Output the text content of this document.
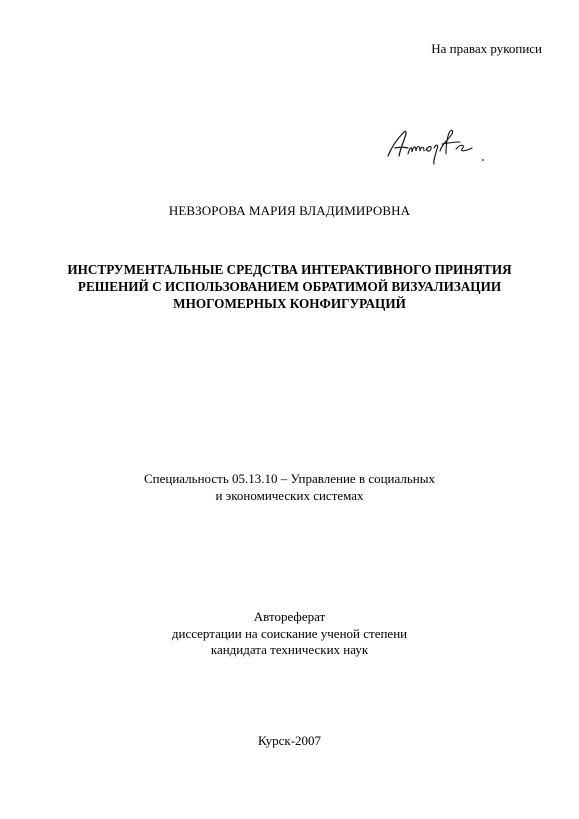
На правах рукописи
НЕВЗОРОВА МАРИЯ ВЛАДИМИРОВНА
ИНСТРУМЕНТАЛЬНЫЕ СРЕДСТВА ИНТЕРАКТИВНОГО ПРИНЯТИЯ
РЕШЕНИЙ С ИСПОЛЬЗОВАНИЕМ ОБРАТИМОЙ ВИЗУАЛИЗАЦИИ
МНОГОМЕРНЫХ КОНФИГУРАЦИЙ
Специальность 05.13.10 – Управление в социальных
и экономических системах
Автореферат
диссертации на соискание ученой степени
кандидата технических наук
Курск-2007
